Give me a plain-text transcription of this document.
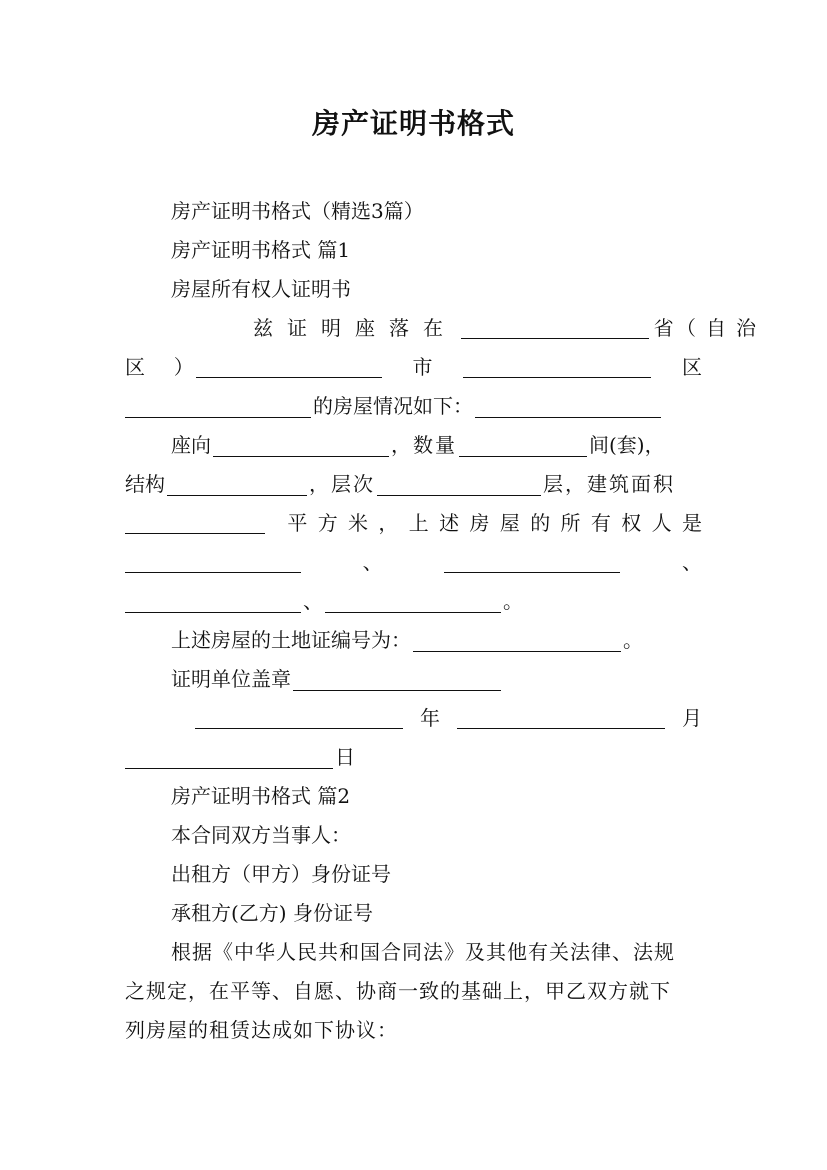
房产证明书格式
房产证明书格式（精选3篇）
房产证明书格式 篇1
房屋所有权人证明书
兹证明座落在	省 （自治
区 ）	市	区
的房屋情况如下：
座向	，数量	间(套)，
结构	，层次	层，建筑面积
平 方 米 ， 上 述 房 屋 的 所 有 权 人 是
、	、
、	。
上述房屋的土地证编号为：	。
证明单位盖章
年	月
日
房产证明书格式 篇2
本合同双方当事人：
出租方（甲方）身份证号
承租方(乙方) 身份证号
根据《中华人民共和国合同法》及其他有关法律、法规
之规定，在平等、自愿、协商一致的基础上，甲乙双方就下
列房屋的租赁达成如下协议：
